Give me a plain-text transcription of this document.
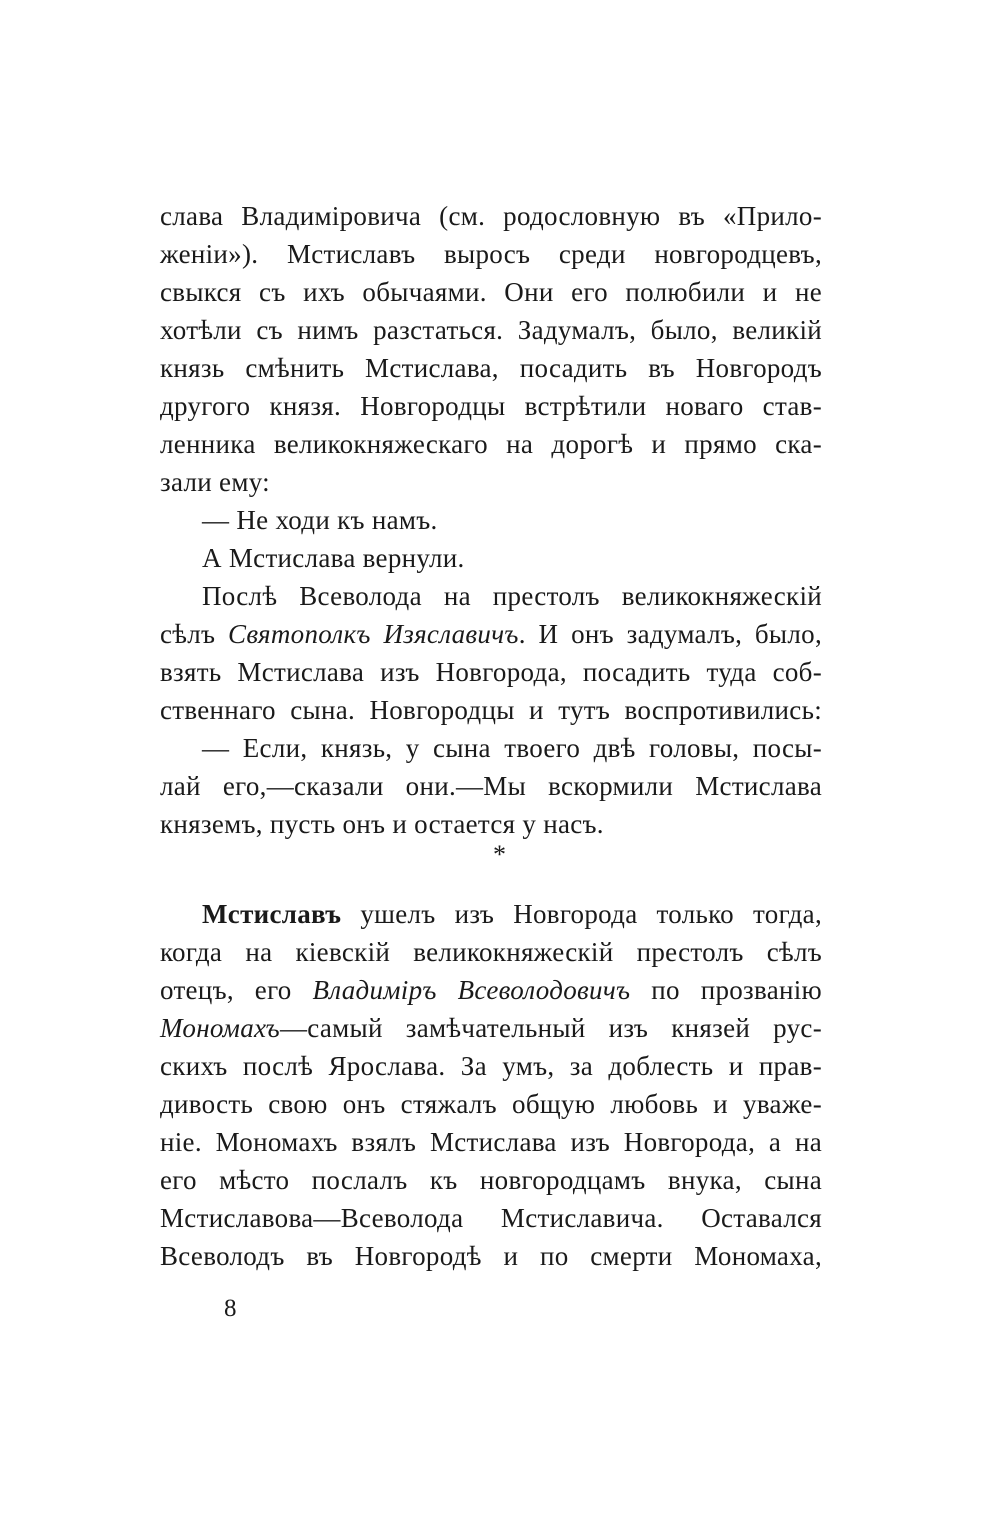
слава Владиміровича (см. родословную въ «Прило-
женіи»). Мстиславъ выросъ среди новгородцевъ,
свыкся съ ихъ обычаями. Они его полюбили и не
хотѣли съ нимъ разстаться. Задумалъ, было, великій
князь смѣнить Мстислава, посадить въ Новгородъ
другого князя. Новгородцы встрѣтили новаго став-
ленника великокняжескаго на дорогѣ и прямо ска-
зали ему:
— Не ходи къ намъ.
А Мстислава вернули.
Послѣ Всеволода на престолъ великокняжескій
сѣлъ Святополкъ Изяславичъ. И онъ задумалъ, было,
взять Мстислава изъ Новгорода, посадить туда соб-
ственнаго сына. Новгородцы и тутъ воспротивились:
— Если, князь, у сына твоего двѣ головы, посы-
лай его,—сказали они.—Мы вскормили Мстислава
княземъ, пусть онъ и остается у насъ.
*
Мстиславъ ушелъ изъ Новгорода только тогда,
когда на кіевскій великокняжескій престолъ сѣлъ
отецъ, его Владиміръ Всеволодовичъ по прозванію
Мономахъ—самый замѣчательный изъ князей рус-
скихъ послѣ Ярослава. За умъ, за доблесть и прав-
дивость свою онъ стяжалъ общую любовь и уваже-
ніе. Мономахъ взялъ Мстислава изъ Новгорода, а на
его мѣсто послалъ къ новгородцамъ внука, сына
Мстиславова—Всеволода Мстиславича. Оставался
Всеволодъ въ Новгородѣ и по смерти Мономаха,
8
